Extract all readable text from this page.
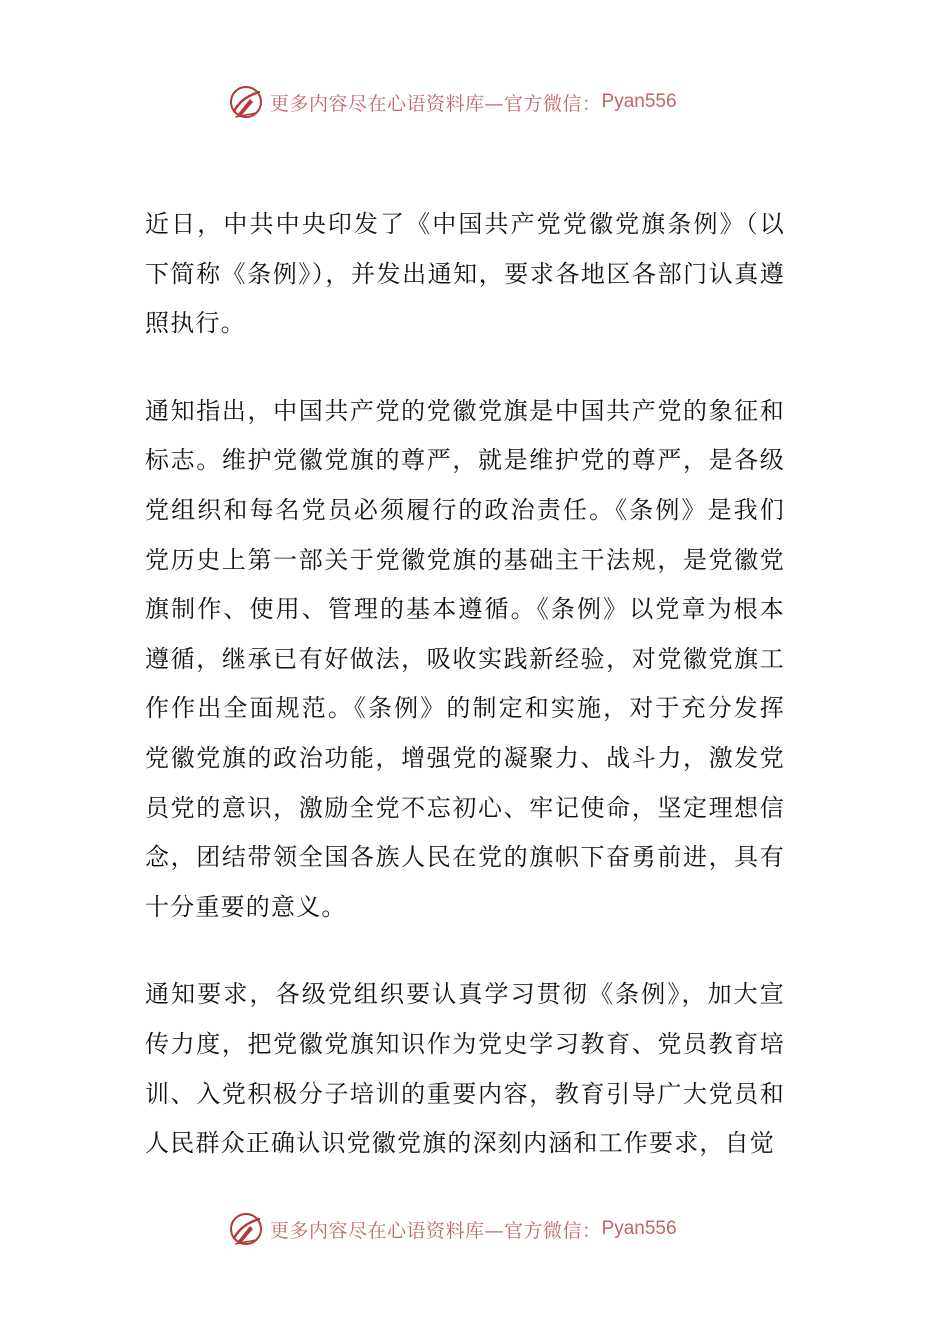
更多内容尽在心语资料库—官方微信： Pyan556

近日，中共中央印发了《中国共产党党徽党旗条例》（以下简称《条例》），并发出通知，要求各地区各部门认真遵照执行。

通知指出，中国共产党的党徽党旗是中国共产党的象征和标志。维护党徽党旗的尊严，就是维护党的尊严，是各级党组织和每名党员必须履行的政治责任。《条例》是我们党历史上第一部关于党徽党旗的基础主干法规，是党徽党旗制作、使用、管理的基本遵循。《条例》以党章为根本遵循，继承已有好做法，吸收实践新经验，对党徽党旗工作作出全面规范。《条例》的制定和实施，对于充分发挥党徽党旗的政治功能，增强党的凝聚力、战斗力，激发党员党的意识，激励全党不忘初心、牢记使命，坚定理想信念，团结带领全国各族人民在党的旗帜下奋勇前进，具有十分重要的意义。

通知要求，各级党组织要认真学习贯彻《条例》，加大宣传力度，把党徽党旗知识作为党史学习教育、党员教育培训、入党积极分子培训的重要内容，教育引导广大党员和人民群众正确认识党徽党旗的深刻内涵和工作要求，自觉

更多内容尽在心语资料库—官方微信： Pyan556
